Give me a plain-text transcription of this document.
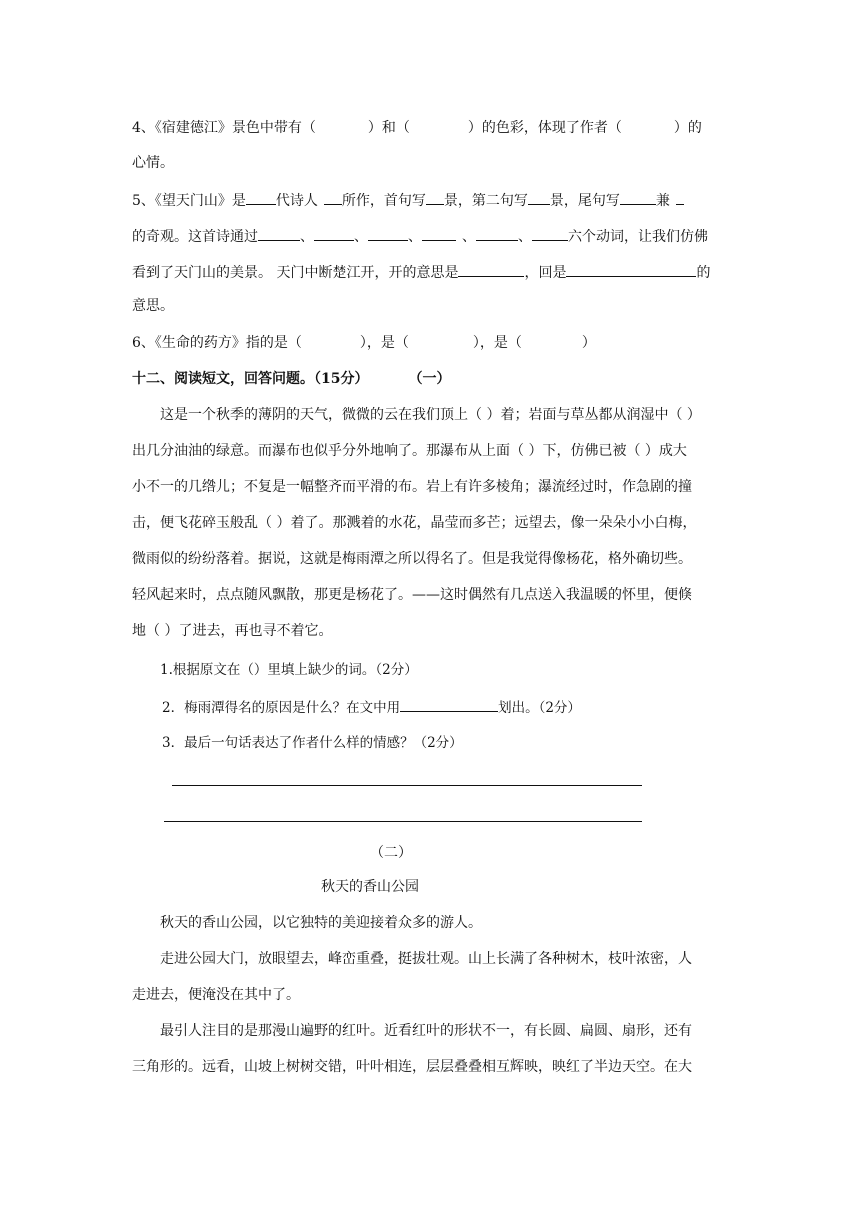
4、《宿建德江》景色中带有（	）和（	）的色彩，体现了作者（	）的
心情。
5、《望天门山》是 代诗人 所作，首句写 景，第二句写 景，尾句写	兼
的奇观。这首诗通过	、	、	、	、	、	六个动词，让我们仿佛
看到了天门山的美景。 天门中断楚江开，开的意思是	，回是	的
意思。
6、《生命的药方》指的是（	），是（	），是（	）
十二、阅读短文，回答问题。（15分）	（一）
这是一个秋季的薄阴的天气，微微的云在我们顶上（ ）着；岩面与草丛都从润湿中（ ）
出几分油油的绿意。而瀑布也似乎分外地响了。那瀑布从上面（ ）下，仿佛已被（ ）成大
小不一的几绺儿；不复是一幅整齐而平滑的布。岩上有许多棱角；瀑流经过时，作急剧的撞
击，便飞花碎玉般乱（ ）着了。那溅着的水花，晶莹而多芒；远望去，像一朵朵小小白梅，
微雨似的纷纷落着。据说，这就是梅雨潭之所以得名了。但是我觉得像杨花，格外确切些。
轻风起来时，点点随风飘散，那更是杨花了。——这时偶然有几点送入我温暖的怀里，便倏
地（ ）了进去，再也寻不着它。
1.根据原文在（）里填上缺少的词。（2分）
2．梅雨潭得名的原因是什么？在文中用	划出。（2分）
3．最后一句话表达了作者什么样的情感？（2分）
（二）
秋天的香山公园
秋天的香山公园，以它独特的美迎接着众多的游人。
走进公园大门，放眼望去，峰峦重叠，挺拔壮观。山上长满了各种树木，枝叶浓密，人
走进去，便淹没在其中了。
最引人注目的是那漫山遍野的红叶。近看红叶的形状不一，有长圆、扁圆、扇形，还有
三角形的。远看，山坡上树树交错，叶叶相连，层层叠叠相互辉映，映红了半边天空。在大
